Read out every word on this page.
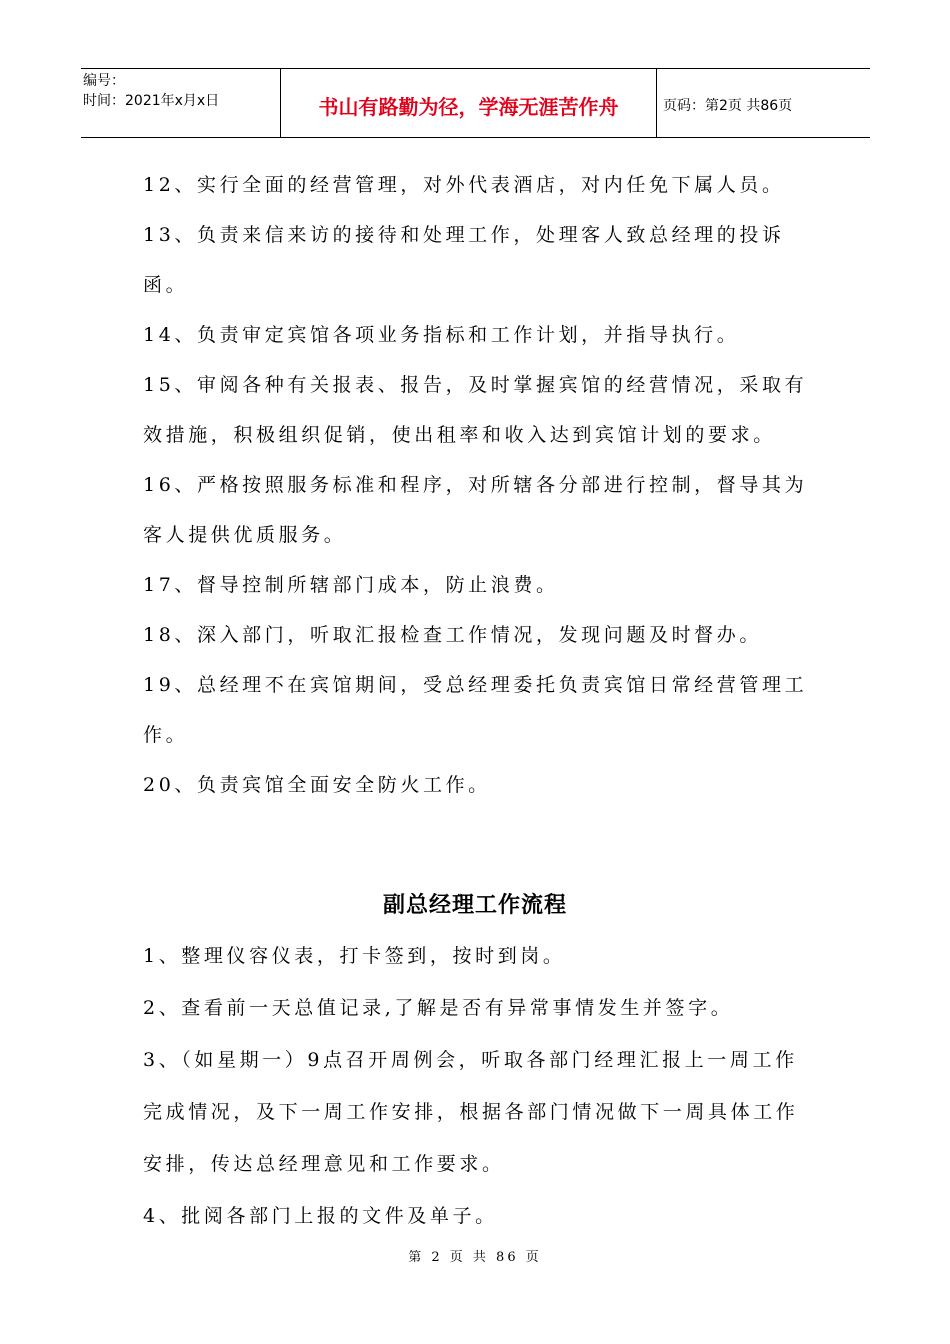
编号：
时间：2021年x月x日	书山有路勤为径，学海无涯苦作舟	页码：第2页 共86页
12、实行全面的经营管理，对外代表酒店，对内任免下属人员。
13、负责来信来访的接待和处理工作，处理客人致总经理的投诉
函。
14、负责审定宾馆各项业务指标和工作计划，并指导执行。
15、审阅各种有关报表、报告，及时掌握宾馆的经营情况，采取有
效措施，积极组织促销，使出租率和收入达到宾馆计划的要求。
16、严格按照服务标准和程序，对所辖各分部进行控制，督导其为
客人提供优质服务。
17、督导控制所辖部门成本，防止浪费。
18、深入部门，听取汇报检查工作情况，发现问题及时督办。
19、总经理不在宾馆期间，受总经理委托负责宾馆日常经营管理工
作。
20、负责宾馆全面安全防火工作。
副总经理工作流程
1、整理仪容仪表，打卡签到，按时到岗。
2、查看前一天总值记录,了解是否有异常事情发生并签字。
3、（如星期一）9点召开周例会，听取各部门经理汇报上一周工作
完成情况，及下一周工作安排，根据各部门情况做下一周具体工作
安排，传达总经理意见和工作要求。
4、批阅各部门上报的文件及单子。
第 2 页 共 86 页
